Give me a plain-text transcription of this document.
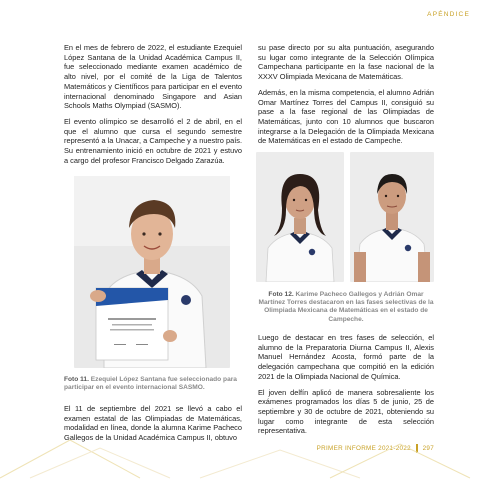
APÉNDICE

En el mes de febrero de 2022, el estudiante Ezequiel López Santana de la Unidad Académica Campus II, fue seleccionado mediante examen académico de alto nivel, por el comité de la Liga de Talentos Matemáticos y Científicos para participar en el evento internacional denominado Singapore and Asian Schools Maths Olympiad (SASMO).

El evento olímpico se desarrolló el 2 de abril, en el que el alumno que cursa el segundo semestre representó a la Unacar, a Campeche y a nuestro país. Su entrenamiento inició en octubre de 2021 y estuvo a cargo del profesor Francisco Delgado Zarazúa.

Foto 11. Ezequiel López Santana fue seleccionado para participar en el evento internacional SASMO.

El 11 de septiembre del 2021 se llevó a cabo el examen estatal de las Olimpiadas de Matemáticas, modalidad en línea, donde la alumna Karime Pacheco Gallegos de la Unidad Académica Campus II, obtuvo

su pase directo por su alta puntuación, asegurando su lugar como integrante de la Selección Olímpica Campechana participante en la fase nacional de la XXXV Olimpiada Mexicana de Matemáticas.

Además, en la misma competencia, el alumno Adrián Omar Martínez Torres del Campus II, consiguió su pase a la fase regional de las Olimpiadas de Matemáticas, junto con 10 alumnos que buscaron integrarse a la Delegación de la Olimpiada Mexicana de Matemáticas en el estado de Campeche.

Foto 12. Karime Pacheco Gallegos y Adrián Omar Martínez Torres destacaron en las fases selectivas de la Olimpiada Mexicana de Matemáticas en el estado de Campeche.

Luego de destacar en tres fases de selección, el alumno de la Preparatoria Diurna Campus II, Alexis Manuel Hernández Acosta, formó parte de la delegación campechana que compitió en la edición 2021 de la Olimpiada Nacional de Química.

El joven delfín aplicó de manera sobresaliente los exámenes programados los días 5 de junio, 25 de septiembre y 30 de octubre de 2021, obteniendo su lugar como integrante de esta selección representativa.

PRIMER INFORME 2021-2022 297
